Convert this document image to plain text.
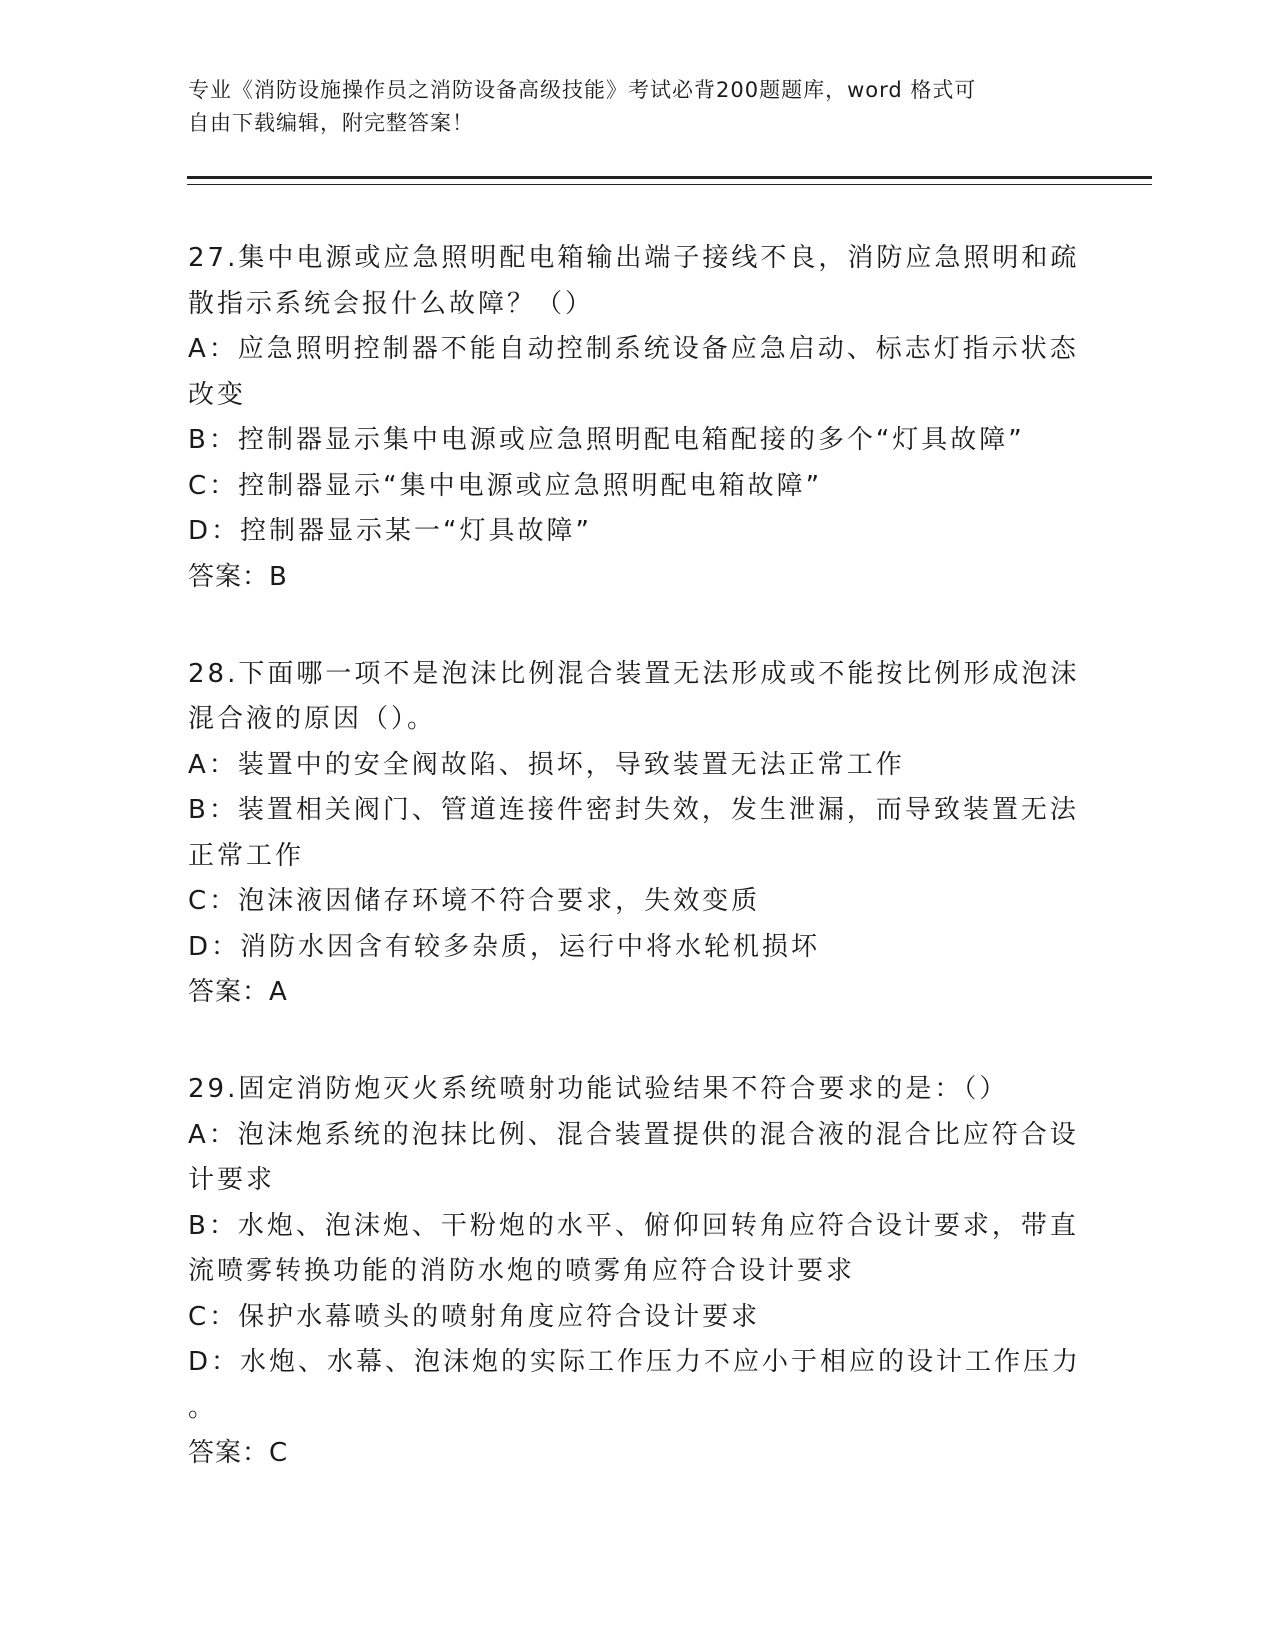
专业《消防设施操作员之消防设备高级技能》考试必背200题题库，word 格式可

自由下载编辑，附完整答案！

27.集中电源或应急照明配电箱输出端子接线不良，消防应急照明和疏

散指示系统会报什么故障？（）

A：应急照明控制器不能自动控制系统设备应急启动、标志灯指示状态

改变

B：控制器显示集中电源或应急照明配电箱配接的多个“灯具故障”

C：控制器显示“集中电源或应急照明配电箱故障”

D：控制器显示某一“灯具故障”

答案：B

28.下面哪一项不是泡沫比例混合装置无法形成或不能按比例形成泡沫

混合液的原因（）。

A：装置中的安全阀故陷、损坏，导致装置无法正常工作

B：装置相关阀门、管道连接件密封失效，发生泄漏，而导致装置无法

正常工作

C：泡沫液因储存环境不符合要求，失效变质

D：消防水因含有较多杂质，运行中将水轮机损坏

答案：A

29.固定消防炮灭火系统喷射功能试验结果不符合要求的是：（）

A：泡沫炮系统的泡抹比例、混合装置提供的混合液的混合比应符合设

计要求

B：水炮、泡沫炮、干粉炮的水平、俯仰回转角应符合设计要求，带直

流喷雾转换功能的消防水炮的喷雾角应符合设计要求

C：保护水幕喷头的喷射角度应符合设计要求

D：水炮、水幕、泡沫炮的实际工作压力不应小于相应的设计工作压力

。

答案：C
